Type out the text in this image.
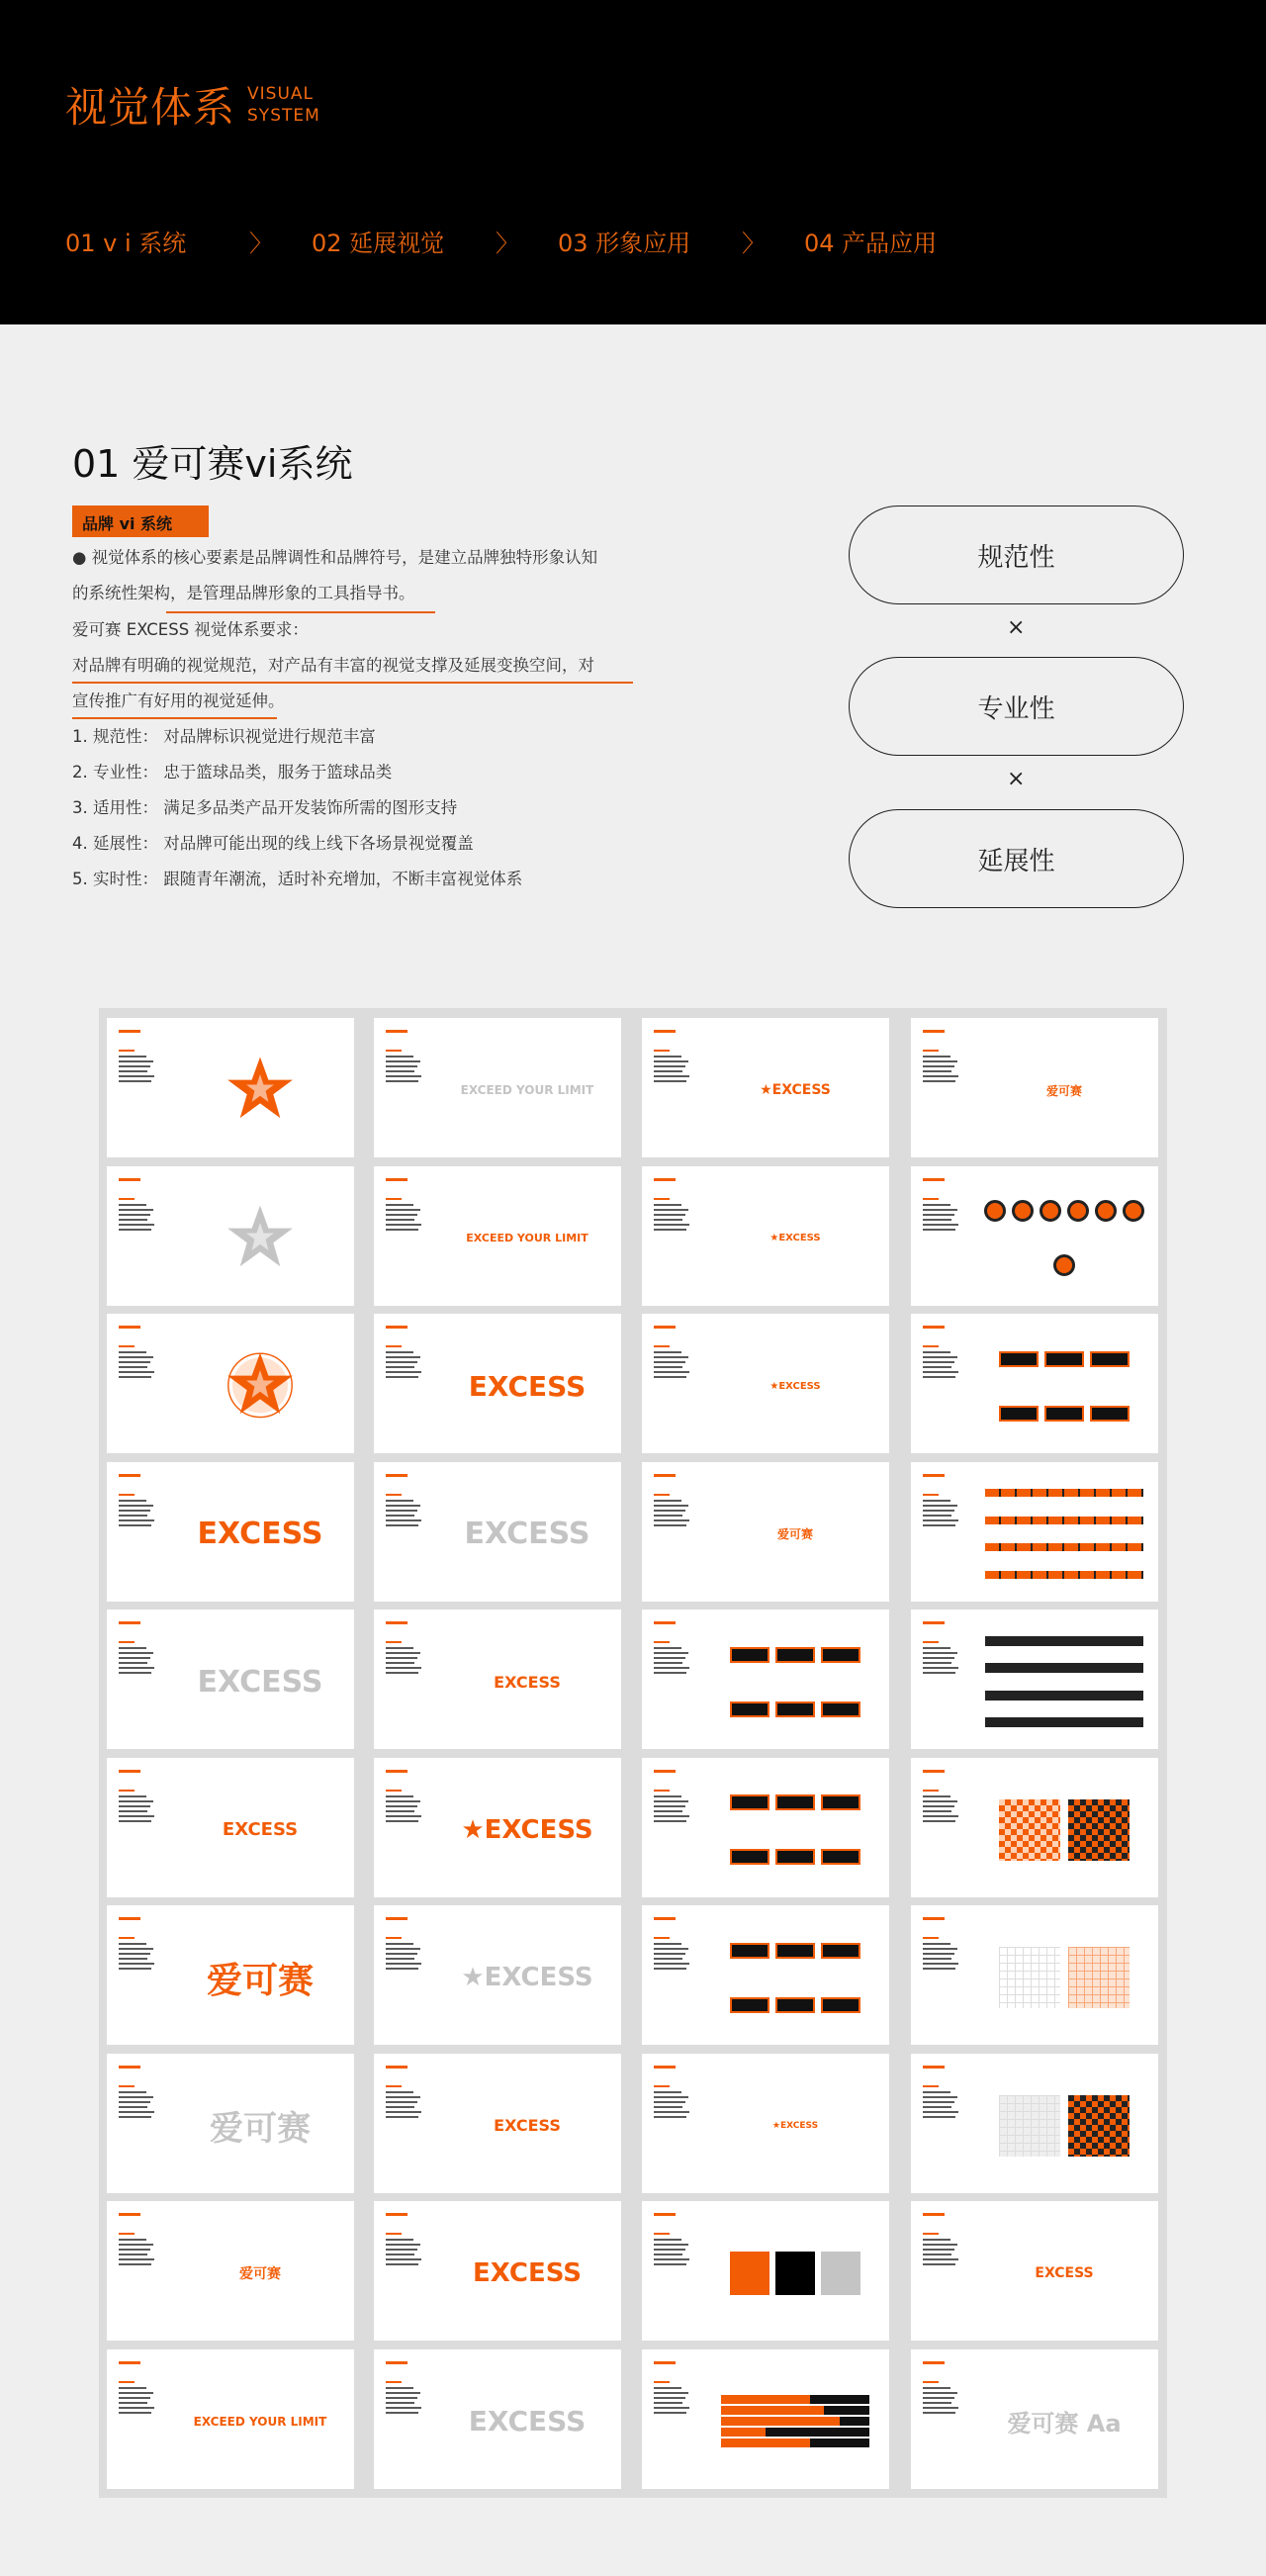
视觉体系 VISUAL
SYSTEM
01 v i 系统	〉 02 延展视觉 〉 03 形象应用 〉 04 产品应用
01 爱可赛vi系统
品牌 vi 系统
● 视觉体系的核心要素是品牌调性和品牌符号，是建立品牌独特形象认知
的系统性架构，是管理品牌形象的工具指导书。
爱可赛 EXCESS 视觉体系要求：
对品牌有明确的视觉规范，对产品有丰富的视觉支撑及延展变换空间，对
宣传推广有好用的视觉延伸。
1. 规范性： 对品牌标识视觉进行规范丰富
2. 专业性： 忠于篮球品类，服务于篮球品类
3. 适用性： 满足多品类产品开发装饰所需的图形支持
4. 延展性： 对品牌可能出现的线上线下各场景视觉覆盖
5. 实时性： 跟随青年潮流，适时补充增加，不断丰富视觉体系
规范性
×
专业性
×
延展性
EXCEED YOUR LIMIT	★EXCESS	爱可赛
EXCEED YOUR LIMIT	★EXCESS
EXCESS	★EXCESS
EXCESS	EXCESS	爱可赛
EXCESS	EXCESS
EXCESS	★EXCESS
爱可赛	★EXCESS
爱可赛	EXCESS	★EXCESS
爱可赛	EXCESS	EXCESS
EXCEED YOUR LIMIT	EXCESS	爱可赛 Aa
